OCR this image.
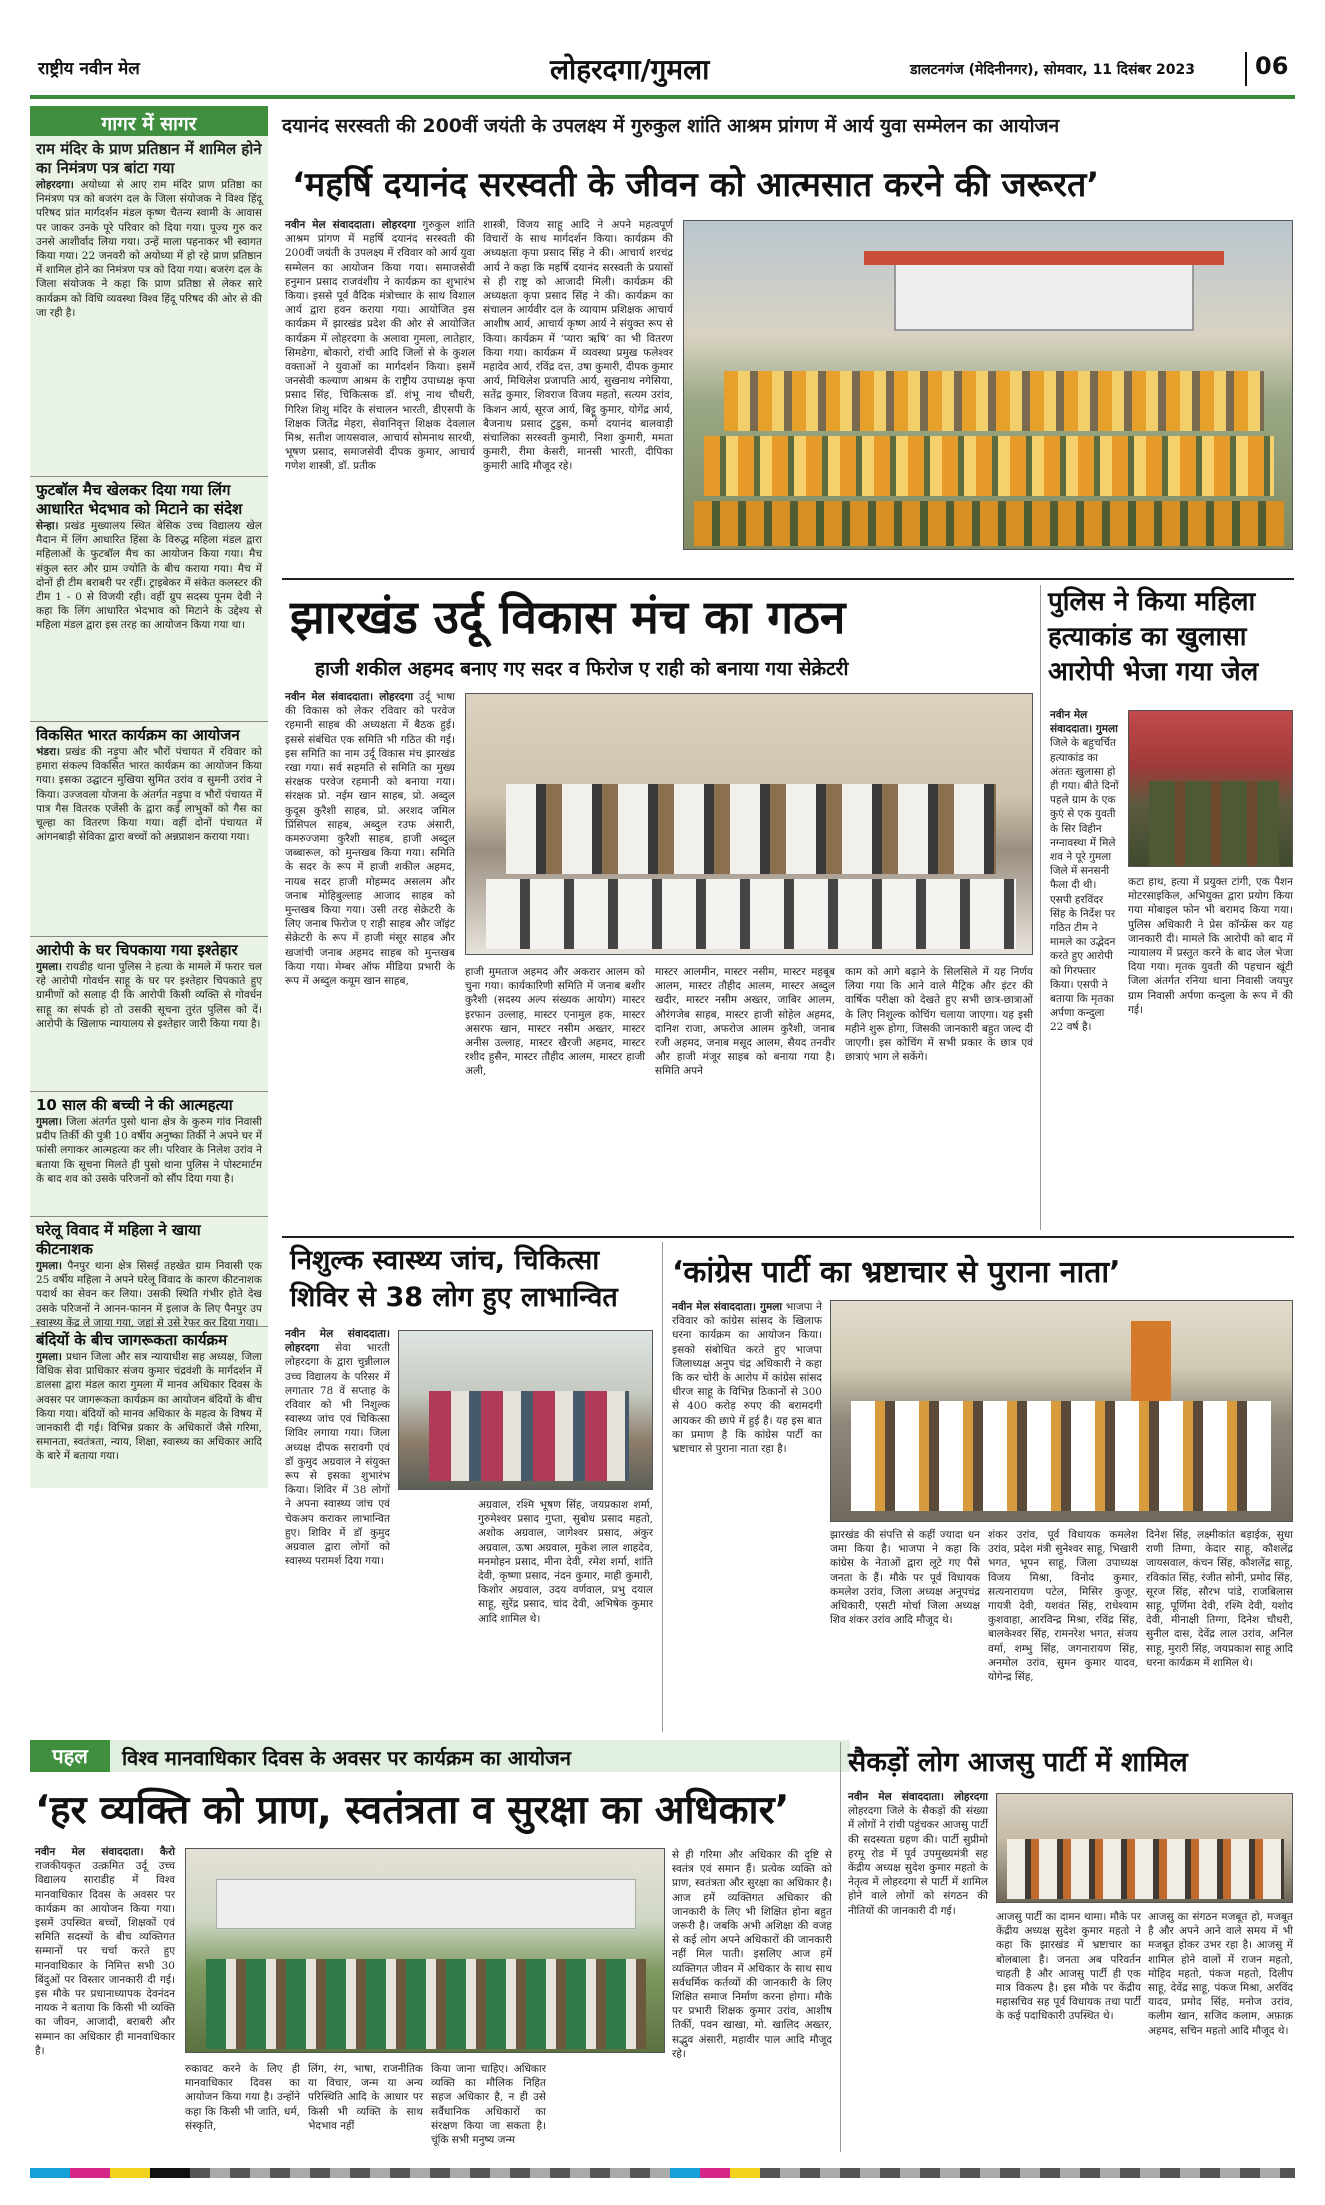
राष्ट्रीय नवीन मेल	लोहरदगा/गुमला	डालटनगंज (मेदिनीनगर), सोमवार, 11 दिसंबर 2023 06
गागर में सागर
राम मंदिर के प्राण प्रतिष्ठान में शामिल होने का निमंत्रण पत्र बांटा गया
लोहरदगा। अयोध्या से आए राम मंदिर प्राण प्रतिष्ठा का निमंत्रण पत्र को बजरंग दल के जिला संयोजक ने विश्व हिंदू परिषद प्रांत मार्गदर्शन मंडल कृष्ण चैतन्य स्वामी के आवास पर जाकर उनके पूरे परिवार को दिया गया। पूज्य गुरु कर उनसे आशीर्वाद लिया गया। उन्हें माला पहनाकर भी स्वागत किया गया। 22 जनवरी को अयोध्या में हो रहे प्राण प्रतिष्ठान में शामिल होने का निमंत्रण पत्र को दिया गया। बजरंग दल के जिला संयोजक ने कहा कि प्राण प्रतिष्ठा से लेकर सारे कार्यक्रम को विधि व्यवस्था विश्व हिंदू परिषद की ओर से की जा रही है।
फुटबॉल मैच खेलकर दिया गया लिंग आधारित भेदभाव को मिटाने का संदेश
सेन्हा। प्रखंड मुख्यालय स्थित बेसिक उच्च विद्यालय खेल मैदान में लिंग आधारित हिंसा के विरुद्ध महिला मंडल द्वारा महिलाओं के फुटबॉल मैच का आयोजन किया गया। मैच संकुल स्तर और ग्राम ज्योति के बीच कराया गया। मैच में दोनों ही टीम बराबरी पर रहीं। ट्राइबेकर में संकेत कलस्टर की टीम 1 - 0 से विजयी रही। वहीं ग्रुप सदस्य पूनम देवी ने कहा कि लिंग आधारित भेदभाव को मिटाने के उद्देश्य से महिला मंडल द्वारा इस तरह का आयोजन किया गया था।
विकसित भारत कार्यक्रम का आयोजन
भंडरा। प्रखंड की नड़ुपा और भौरों पंचायत में रविवार को हमारा संकल्प विकसित भारत कार्यक्रम का आयोजन किया गया। इसका उद्घाटन मुखिया सुमित उरांव व सुमनी उरांव ने किया। उज्जवला योजना के अंतर्गत नड़ुपा व भौरों पंचायत में पात्र गैस वितरक एजेंसी के द्वारा कई लाभुकों को गैस का चूल्हा का वितरण किया गया। वहीं दोनों पंचायत में आंगनबाड़ी सेविका द्वारा बच्चों को अन्नप्राशन कराया गया।
आरोपी के घर चिपकाया गया इश्तेहार
गुमला। रायडीह थाना पुलिस ने हत्या के मामले में फरार चल रहे आरोपी गोवर्धन साहू के घर पर इश्तेहार चिपकाते हुए ग्रामीणों को सलाह दी कि आरोपी किसी व्यक्ति से गोवर्धन साहू का संपर्क हो तो उसकी सूचना तुरंत पुलिस को दें। आरोपी के खिलाफ न्यायालय से इश्तेहार जारी किया गया है।
10 साल की बच्ची ने की आत्महत्या
गुमला। जिला अंतर्गत पुसो थाना क्षेत्र के कुरुम गांव निवासी प्रदीप तिर्की की पुत्री 10 वर्षीय अनुष्का तिर्की ने अपने घर में फांसी लगाकर आत्महत्या कर ली। परिवार के निलेश उरांव ने बताया कि सूचना मिलते ही पुसो थाना पुलिस ने पोस्टमार्टम के बाद शव को उसके परिजनों को सौंप दिया गया है।
घरेलू विवाद में महिला ने खाया कीटनाशक
गुमला। पैनपुर थाना क्षेत्र सिसई तहखेत ग्राम निवासी एक 25 वर्षीय महिला ने अपने घरेलू विवाद के कारण कीटनाशक पदार्थ का सेवन कर लिया। उसकी स्थिति गंभीर होते देख उसके परिजनों ने आनन-फानन में इलाज के लिए पैनपुर उप स्वास्थ्य केंद्र ले जाया गया, जहां से उसे रेफर कर दिया गया।
बंदियों के बीच जागरूकता कार्यक्रम
गुमला। प्रधान जिला और सत्र न्यायाधीश सह अध्यक्ष, जिला विधिक सेवा प्राधिकार संजय कुमार चंद्रवंशी के मार्गदर्शन में डालसा द्वारा मंडल कारा गुमला में मानव अधिकार दिवस के अवसर पर जागरूकता कार्यक्रम का आयोजन बंदियों के बीच किया गया। बंदियों को मानव अधिकार के महत्व के विषय में जानकारी दी गई। विभिन्न प्रकार के अधिकारों जैसे गरिमा, समानता, स्वतंत्रता, न्याय, शिक्षा, स्वास्थ्य का अधिकार आदि के बारे में बताया गया।
दयानंद सरस्वती की 200वीं जयंती के उपलक्ष्य में गुरुकुल शांति आश्रम प्रांगण में आर्य युवा सम्मेलन का आयोजन
‘महर्षि दयानंद सरस्वती के जीवन को आत्मसात करने की जरूरत’
नवीन मेल संवाददाता। लोहरदगा गुरुकुल शांति आश्रम प्रांगण में महर्षि दयानंद सरस्वती की 200वीं जयंती के उपलक्ष्य में रविवार को आर्य युवा सम्मेलन का आयोजन किया गया। समाजसेवी हनुमान प्रसाद राजवंशीय ने कार्यक्रम का शुभारंभ किया। इससे पूर्व वैदिक मंत्रोच्चार के साथ विशाल आर्य द्वारा हवन कराया गया। आयोजित इस कार्यक्रम में झारखंड प्रदेश की ओर से आयोजित कार्यक्रम में लोहरदगा के अलावा गुमला, लातेहार, सिमडेगा, बोकारो, रांची आदि जिलों से के कुशल वक्ताओं ने युवाओं का मार्गदर्शन किया। इसमें जनसेवी कल्याण आश्रम के राष्ट्रीय उपाध्यक्ष कृपा प्रसाद सिंह, चिकित्सक डॉ. शंभू नाथ चौधरी, गिरिश शिशु मंदिर के संचालन भारती, डीएसपी के शिक्षक जितेंद्र मेहरा, सेवानिवृत्त शिक्षक देवलाल मिश्र, सतीश जायसवाल, आचार्य सोमनाथ सारथी, भूषण प्रसाद, समाजसेवी दीपक कुमार, आचार्य गणेश शास्त्री, डॉ. प्रतीक
शास्त्री, विजय साहू आदि ने अपने महत्वपूर्ण विचारों के साथ मार्गदर्शन किया। कार्यक्रम की अध्यक्षता कृपा प्रसाद सिंह ने की। आचार्य शरचंद्र आर्य ने कहा कि महर्षि दयानंद सरस्वती के प्रयासों से ही राष्ट्र को आजादी मिली। कार्यक्रम की अध्यक्षता कृपा प्रसाद सिंह ने की। कार्यक्रम का संचालन आर्यवीर दल के व्यायाम प्रशिक्षक आचार्य आशीष आर्य, आचार्य कृष्ण आर्य ने संयुक्त रूप से किया। कार्यक्रम में ‘प्यारा ऋषि’ का भी वितरण किया गया। कार्यक्रम में व्यवस्था प्रमुख फलेश्वर महादेव आर्य, रविंद्र दत्त, उषा कुमारी, दीपक कुमार आर्य, मिथिलेश प्रजापति आर्य, सुखनाथ नगेसिया, सतेंद्र कुमार, शिवराज विजय महतो, सत्यम उरांव, किशन आर्य, सूरज आर्य, बिट्टू कुमार, योगेंद्र आर्य, बैजनाथ प्रसाद टुडुस, कर्मा दयानंद बालवाड़ी संचालिका सरस्वती कुमारी, निशा कुमारी, ममता कुमारी, रीमा केसरी, मानसी भारती, दीपिका कुमारी आदि मौजूद रहे।
झारखंड उर्दू विकास मंच का गठन
हाजी शकील अहमद बनाए गए सदर व फिरोज ए राही को बनाया गया सेक्रेटरी
नवीन मेल संवाददाता। लोहरदगा उर्दू भाषा की विकास को लेकर रविवार को परवेज रहमानी साहब की अध्यक्षता में बैठक हुई। इससे संबंधित एक समिति भी गठित की गई। इस समिति का नाम उर्दू विकास मंच झारखंड रखा गया। सर्व सहमति से समिति का मुख्य संरक्षक परवेज रहमानी को बनाया गया। संरक्षक प्रो. नईम खान साहब, प्रो. अब्दुल कुदूस कुरैशी साहब, प्रो. अरशद जमिल प्रिंसिपल साहब, अब्दुल रउफ अंसारी, कमरुज्जमा कुरैशी साहब, हाजी अब्दुल जब्बारूल, को मुन्तखब किया गया। समिति के सदर के रूप में हाजी शकील अहमद, नायब सदर हाजी मोहम्मद असलम और जनाब मोहिबुल्लाह आजाद साहब को मुन्तखब किया गया। उसी तरह सेक्रेटरी के लिए जनाब फिरोज ए राही साहब और जॉइंट सेक्रेटरी के रूप में हाजी मंसूर साहब और खजांची जनाब अहमद साहब को मुन्तखब किया गया। मेम्बर ऑफ मीडिया प्रभारी के रूप में अब्दुल कयूम खान साहब,
हाजी मुमताज अहमद और अकरार आलम को चुना गया। कार्यकारिणी समिति में जनाब बशीर कुरैशी (सदस्य अल्प संख्यक आयोग) मास्टर इरफान उल्लाह, मास्टर एनामुल हक, मास्टर असरफ खान, मास्टर नसीम अख्तर, मास्टर अनीस उल्लाह, मास्टर खैरजी अहमद, मास्टर रशीद हुसैन, मास्टर तौहीद आलम, मास्टर हाजी अली,
मास्टर आलमीन, मास्टर नसीम, मास्टर महबूब आलम, मास्टर तौहीद आलम, मास्टर अब्दुल खदीर, मास्टर नसीम अख्तर, जाबिर आलम, औरंगजेब साहब, मास्टर हाजी सोहेल अहमद, दानिश राजा, अफरोज आलम कुरैशी, जनाब रजी अहमद, जनाब मसूद आलम, सैयद तनवीर और हाजी मंजूर साहब को बनाया गया है। समिति अपने
काम को आगे बढ़ाने के सिलसिले में यह निर्णय लिया गया कि आने वाले मैट्रिक और इंटर की वार्षिक परीक्षा को देखते हुए सभी छात्र-छात्राओं के लिए निशुल्क कोचिंग चलाया जाएगा। यह इसी महीने शुरू होगा, जिसकी जानकारी बहुत जल्द दी जाएगी। इस कोचिंग में सभी प्रकार के छात्र एवं छात्राएं भाग ले सकेंगे।
पुलिस ने किया महिला हत्याकांड का खुलासा आरोपी भेजा गया जेल
नवीन मेल संवाददाता। गुमला जिले के बहुचर्चित हत्याकांड का अंततः खुलासा हो ही गया। बीते दिनों पहले ग्राम के एक कुएं से एक युवती के सिर विहीन नग्नावस्था में मिले शव ने पूरे गुमला जिले में सनसनी फैला दी थी। एसपी हरविंदर सिंह के निर्देश पर गठित टीम ने मामले का उद्भेदन करते हुए आरोपी को गिरफ्तार किया। एसपी ने बताया कि मृतका अर्पणा कन्दुला 22 वर्ष है।
कटा हाथ, हत्या में प्रयुक्त टांगी, एक पैशन मोटरसाइकिल, अभियुक्त द्वारा प्रयोग किया गया मोबाइल फोन भी बरामद किया गया। पुलिस अधिकारी ने प्रेस कॉन्फ्रेंस कर यह जानकारी दी। मामले कि आरोपी को बाद में न्यायालय में प्रस्तुत करने के बाद जेल भेजा दिया गया। मृतक युवती की पहचान खूंटी जिला अंतर्गत रनिया थाना निवासी जयपुर ग्राम निवासी अर्पणा कन्दुला के रूप में की गई।
निशुल्क स्वास्थ्य जांच, चिकित्सा शिविर से 38 लोग हुए लाभान्वित
नवीन मेल संवाददाता। लोहरदगा सेवा भारती लोहरदगा के द्वारा चुन्नीलाल उच्च विद्यालय के परिसर में लगातार 78 वें सप्ताह के रविवार को भी निशुल्क स्वास्थ्य जांच एवं चिकित्सा शिविर लगाया गया। जिला अध्यक्ष दीपक सरावगी एवं डॉ कुमुद अग्रवाल ने संयुक्त रूप से इसका शुभारंभ किया। शिविर में 38 लोगों ने अपना स्वास्थ्य जांच एवं चेकअप कराकर लाभान्वित हुए। शिविर में डॉ कुमुद अग्रवाल द्वारा लोगों को स्वास्थ्य परामर्श दिया गया।
अग्रवाल, रश्मि भूषण सिंह, जयप्रकाश शर्मा, गुरुमेश्वर प्रसाद गुप्ता, सुबोध प्रसाद महतो, अशोक अग्रवाल, जागेश्वर प्रसाद, अंकुर अग्रवाल, ऊषा अग्रवाल, मुकेश लाल शाहदेव, मनमोहन प्रसाद, मीना देवी, रमेश शर्मा, शांति देवी, कृष्णा प्रसाद, नंदन कुमार, माही कुमारी, किशोर अग्रवाल, उदय वर्णवाल, प्रभु दयाल साहू, सुरेंद्र प्रसाद, चांद देवी, अभिषेक कुमार आदि शामिल थे।
‘कांग्रेस पार्टी का भ्रष्टाचार से पुराना नाता’
नवीन मेल संवाददाता। गुमला भाजपा ने रविवार को कांग्रेस सांसद के खिलाफ धरना कार्यक्रम का आयोजन किया। इसको संबोधित करते हुए भाजपा जिलाध्यक्ष अनुप चंद्र अधिकारी ने कहा कि कर चोरी के आरोप में कांग्रेस सांसद धीरज साहू के विभिन्न ठिकानों से 300 से 400 करोड़ रुपए की बरामदगी आयकर की छापे में हुई है। यह इस बात का प्रमाण है कि कांग्रेस पार्टी का भ्रष्टाचार से पुराना नाता रहा है।
झारखंड की संपत्ति से कहीं ज्यादा धन जमा किया है। भाजपा ने कहा कि कांग्रेस के नेताओं द्वारा लूटे गए पैसे जनता के हैं। मौके पर पूर्व विधायक कमलेश उरांव, जिला अध्यक्ष अनूपचंद्र अधिकारी, एसटी मोर्चा जिला अध्यक्ष शिव शंकर उरांव आदि मौजूद थे।
शंकर उरांव, पूर्व विधायक कमलेश उरांव, प्रदेश मंत्री सुनेश्वर साहू, भिखारी भगत, भूपन साहू, जिला उपाध्यक्ष विजय मिश्रा, विनोद कुमार, सत्यनारायण पटेल, मिसिर कुजूर, गायत्री देवी, यशवंत सिंह, राधेश्याम कुशवाहा, आरविन्द्र मिश्रा, रविंद्र सिंह, बालकेश्वर सिंह, रामनरेश भगत, संजय वर्मा, शम्भु सिंह, जगनारायण सिंह, अनमोल उरांव, सुमन कुमार यादव, योगेन्द्र सिंह,
दिनेश सिंह, लक्ष्मीकांत बड़ाईक, सुधा राणी तिग्गा, केदार साहू, कौशलेंद्र जायसवाल, कंचन सिंह, कौशलेंद्र साहू, रविकांत सिंह, रंजीत सोनी, प्रमोद सिंह, सूरज सिंह, सौरभ पांडे, राजबिलास साहू, पूर्णिमा देवी, रश्मि देवी, यशोद देवी, मीनाक्षी तिग्गा, दिनेश चौधरी, सुनील दास, देवेंद्र लाल उरांव, अनिल साहू, मुरारी सिंह, जयप्रकाश साहू आदि धरना कार्यक्रम में शामिल थे।
पहल	विश्व मानवाधिकार दिवस के अवसर पर कार्यक्रम का आयोजन
‘हर व्यक्ति को प्राण, स्वतंत्रता व सुरक्षा का अधिकार’
नवीन मेल संवाददाता। कैरो राजकीयकृत उत्क्रमित उर्दू उच्च विद्यालय साराडीह में विश्व मानवाधिकार दिवस के अवसर पर कार्यक्रम का आयोजन किया गया। इसमें उपस्थित बच्चों, शिक्षकों एवं समिति सदस्यों के बीच व्यक्तिगत सम्मानों पर चर्चा करते हुए मानवाधिकार के निमित्त सभी 30 बिंदुओं पर विस्तार जानकारी दी गई। इस मौके पर प्रधानाध्यापक देवनंदन नायक ने बताया कि किसी भी व्यक्ति का जीवन, आजादी, बराबरी और सम्मान का अधिकार ही मानवाधिकार है।
रुकावट करने के लिए ही मानवाधिकार दिवस का आयोजन किया गया है। उन्होंने कहा कि किसी भी जाति, धर्म, संस्कृति,
लिंग, रंग, भाषा, राजनीतिक या विचार, जन्म या अन्य परिस्थिति आदि के आधार पर किसी भी व्यक्ति के साथ भेदभाव नहीं
किया जाना चाहिए। अधिकार व्यक्ति का मौलिक निहित सहज अधिकार है, न ही उसे सर्वैधानिक अधिकारों का संरक्षण किया जा सकता है। चूंकि सभी मनुष्य जन्म
से ही गरिमा और अधिकार की दृष्टि से स्वतंत्र एवं समान हैं। प्रत्येक व्यक्ति को प्राण, स्वतंत्रता और सुरक्षा का अधिकार है। आज हमें व्यक्तिगत अधिकार की जानकारी के लिए भी शिक्षित होना बहुत जरूरी है। जबकि अभी अशिक्षा की वजह से कई लोग अपने अधिकारों की जानकारी नहीं मिल पाती। इसलिए आज हमें व्यक्तिगत जीवन में अधिकार के साथ साथ सर्वधर्मिक कर्तव्यों की जानकारी के लिए शिक्षित समाज निर्माण करना होगा। मौके पर प्रभारी शिक्षक कुमार उरांव, आशीष तिर्की, पवन खाखा, मो. खालिद अख्तर, सद्भुव अंसारी, महावीर पाल आदि मौजूद रहे।
सैकड़ों लोग आजसु पार्टी में शामिल
नवीन मेल संवाददाता। लोहरदगा लोहरदगा जिले के सैकड़ों की संख्या में लोगों ने रांची पहुंचकर आजसु पार्टी की सदस्यता ग्रहण की। पार्टी सुप्रीमो हरमू रोड में पूर्व उपमुख्यमंत्री सह केंद्रीय अध्यक्ष सुदेश कुमार महतो के नेतृत्व में लोहरदगा से पार्टी में शामिल होने वाले लोगों को संगठन की नीतियों की जानकारी दी गई।
आजसु पार्टी का दामन थामा। मौके पर केंद्रीय अध्यक्ष सुदेश कुमार महतो ने कहा कि झारखंड में भ्रष्टाचार का बोलबाला है। जनता अब परिवर्तन चाहती है और आजसु पार्टी ही एक मात्र विकल्प है। इस मौके पर केंद्रीय महासचिव सह पूर्व विधायक तथा पार्टी के कई पदाधिकारी उपस्थित थे।
आजसु का संगठन मजबूत हो, मजबूत है और अपने आने वाले समय में भी मजबूत होकर उभर रहा है। आजसु में शामिल होने वालों में राजन महतो, मोहिद महतो, पंकज महतो, दिलीप साहू, देवेंद्र साहू, पंकज मिश्रा, अरविंद यादव, प्रमोद सिंह, मनोज उरांव, कलीम खान, सजिद कलाम, अफ़ाक़ अहमद, सचिन महतो आदि मौजूद थे।
